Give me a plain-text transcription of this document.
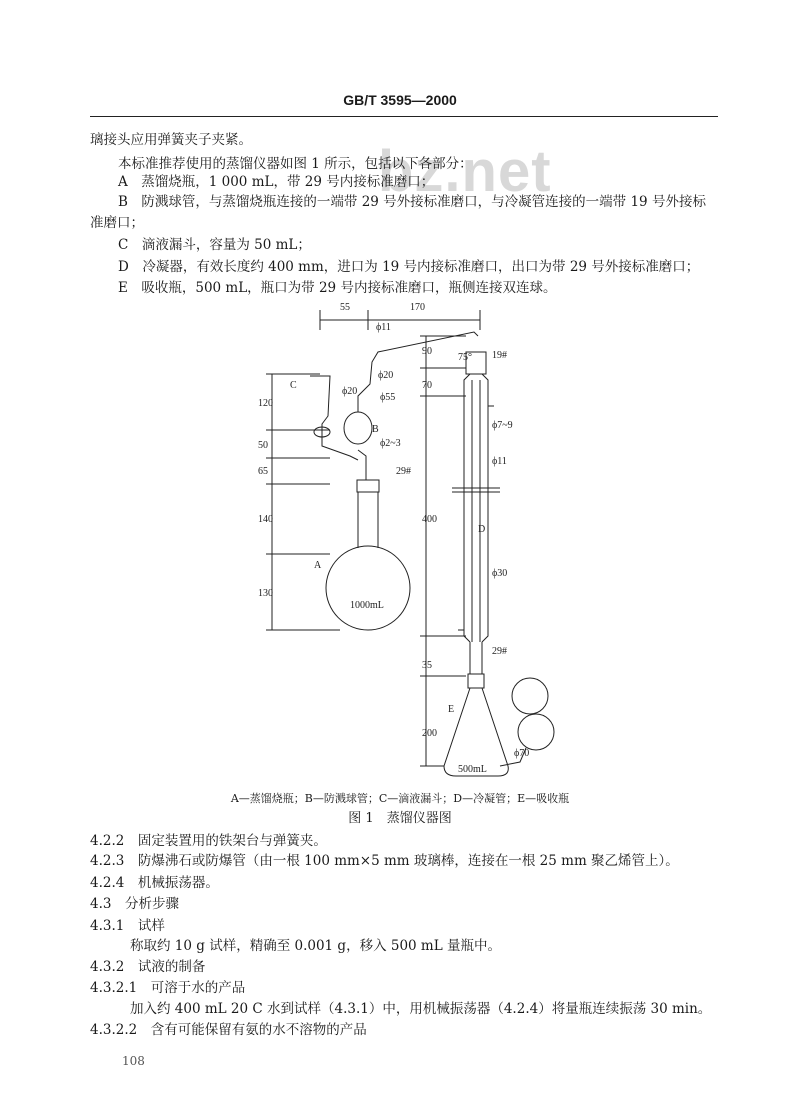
GB/T 3595—2000
bz.net
璃接头应用弹簧夹子夹紧。
本标准推荐使用的蒸馏仪器如图 1 所示，包括以下各部分：
A　蒸馏烧瓶，1 000 mL，带 29 号内接标准磨口；
B　防溅球管，与蒸馏烧瓶连接的一端带 29 号外接标准磨口，与冷凝管连接的一端带 19 号外接标
准磨口；
C　滴液漏斗，容量为 50 mL；
D　冷凝器，有效长度约 400 mm，进口为 19 号内接标准磨口，出口为带 29 号外接标准磨口；
E　吸收瓶，500 mL，瓶口为带 29 号内接标准磨口，瓶侧连接双连球。
55	170
ϕ11
75°
90	19#
ϕ20
ϕ20
ϕ55
70
ϕ7~9
ϕ2~3
29#
ϕ11
120
50
65
140
130
400
ϕ30
29#
35
200
ϕ70
C
B
A
D
E
1000mL
500mL
A—蒸馏烧瓶；B—防溅球管；C—滴液漏斗；D—冷凝管；E—吸收瓶
图 1　蒸馏仪器图
4.2.2　固定装置用的铁架台与弹簧夹。
4.2.3　防爆沸石或防爆管（由一根 100 mm×5 mm 玻璃棒，连接在一根 25 mm 聚乙烯管上）。
4.2.4　机械振荡器。
4.3　分析步骤
4.3.1　试样
称取约 10 g 试样，精确至 0.001 g，移入 500 mL 量瓶中。
4.3.2　试液的制备
4.3.2.1　可溶于水的产品
加入约 400 mL 20 C 水到试样（4.3.1）中，用机械振荡器（4.2.4）将量瓶连续振荡 30 min。
4.3.2.2　含有可能保留有氨的水不溶物的产品
108
